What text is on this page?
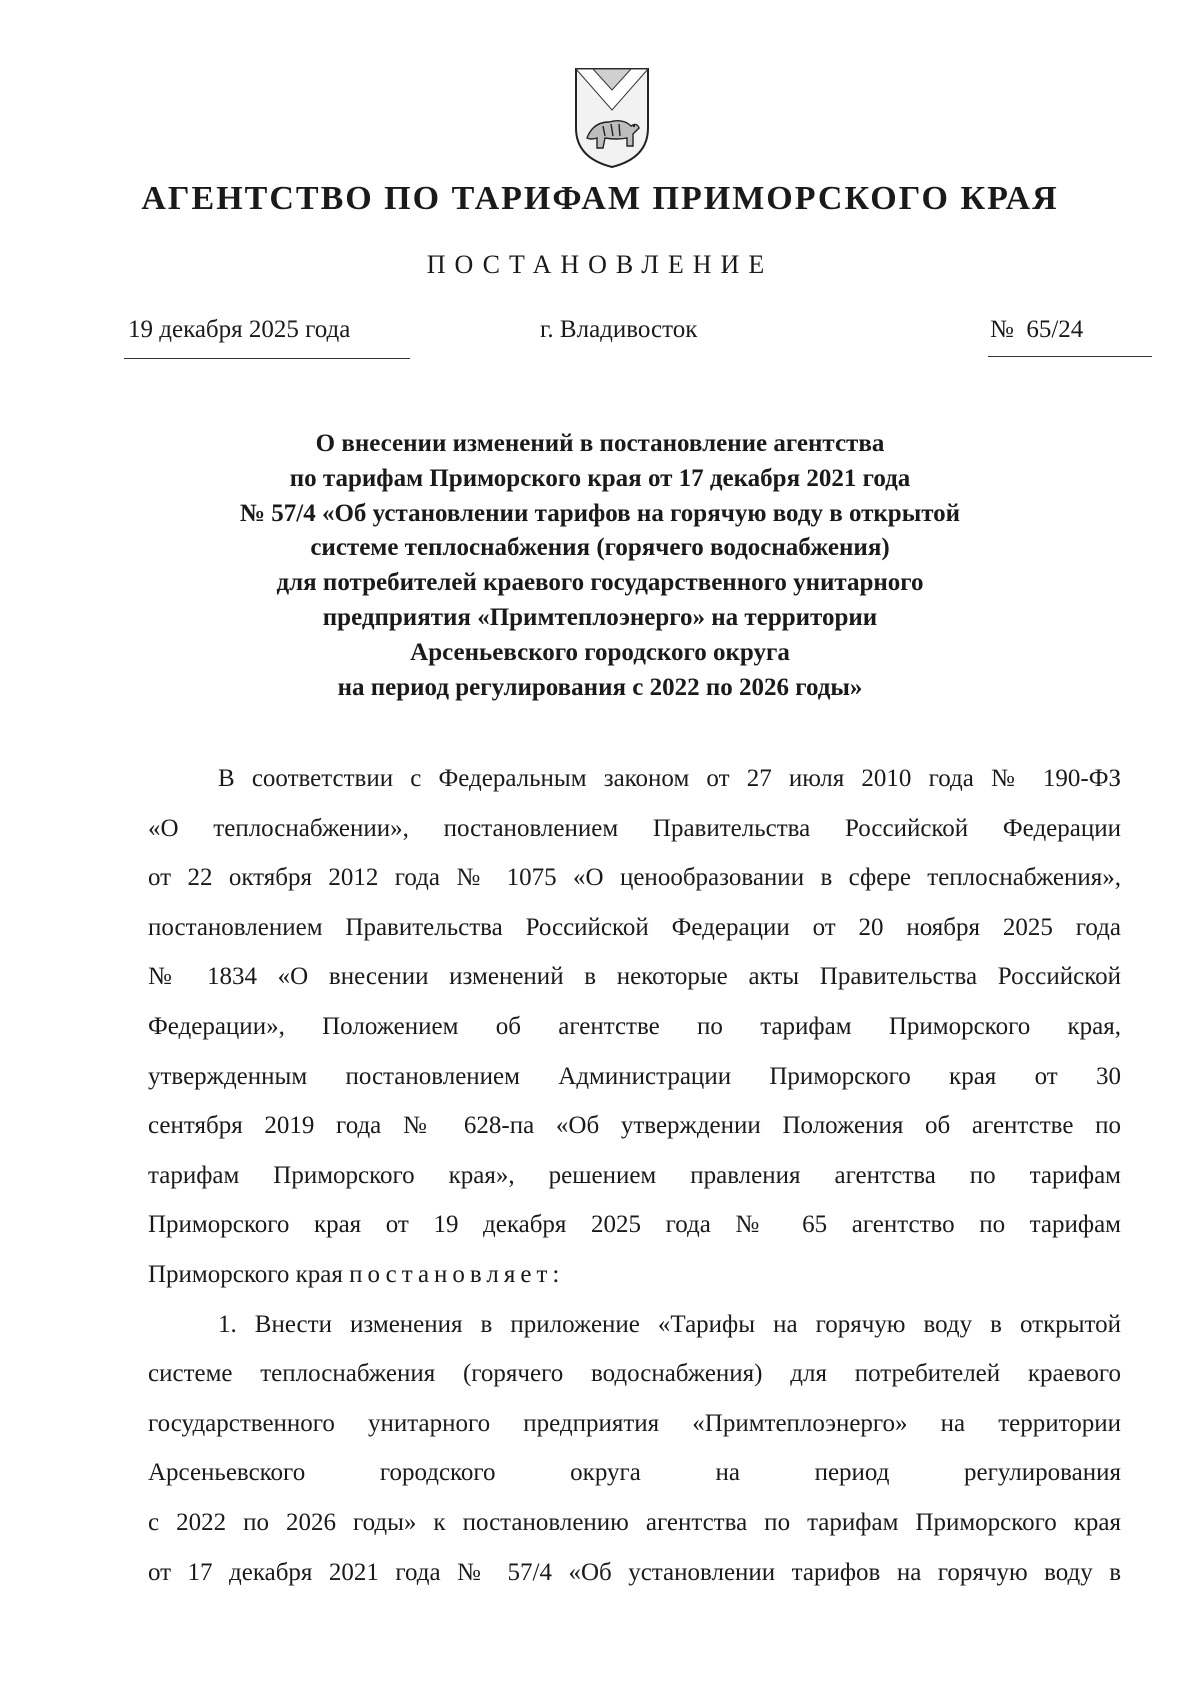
АГЕНТСТВО ПО ТАРИФАМ ПРИМОРСКОГО КРАЯ
ПОСТАНОВЛЕНИЕ
19 декабря 2025 года	г. Владивосток	№  65/24
О внесении изменений в постановление агентства
по тарифам Приморского края от 17 декабря 2021 года
№ 57/4 «Об установлении тарифов на горячую воду в открытой
системе теплоснабжения (горячего водоснабжения)
для потребителей краевого государственного унитарного
предприятия «Примтеплоэнерго» на территории
Арсеньевского городского округа
на период регулирования с 2022 по 2026 годы»
В соответствии с Федеральным законом от 27 июля 2010 года № 190-ФЗ
«О теплоснабжении», постановлением Правительства Российской Федерации
от 22 октября 2012 года № 1075 «О ценообразовании в сфере теплоснабжения»,
постановлением Правительства Российской Федерации от 20 ноября 2025 года
№ 1834 «О внесении изменений в некоторые акты Правительства Российской
Федерации», Положением об агентстве по тарифам Приморского края,
утвержденным постановлением Администрации Приморского края от 30
сентября 2019 года № 628-па «Об утверждении Положения об агентстве по
тарифам Приморского края», решением правления агентства по тарифам
Приморского края от 19 декабря 2025 года № 65 агентство по тарифам
Приморского края постановляет:
1. Внести изменения в приложение «Тарифы на горячую воду в открытой
системе теплоснабжения (горячего водоснабжения) для потребителей краевого
государственного унитарного предприятия «Примтеплоэнерго» на территории
Арсеньевского городского округа на период регулирования
с 2022 по 2026 годы» к постановлению агентства по тарифам Приморского края
от 17 декабря 2021 года № 57/4 «Об установлении тарифов на горячую воду в
